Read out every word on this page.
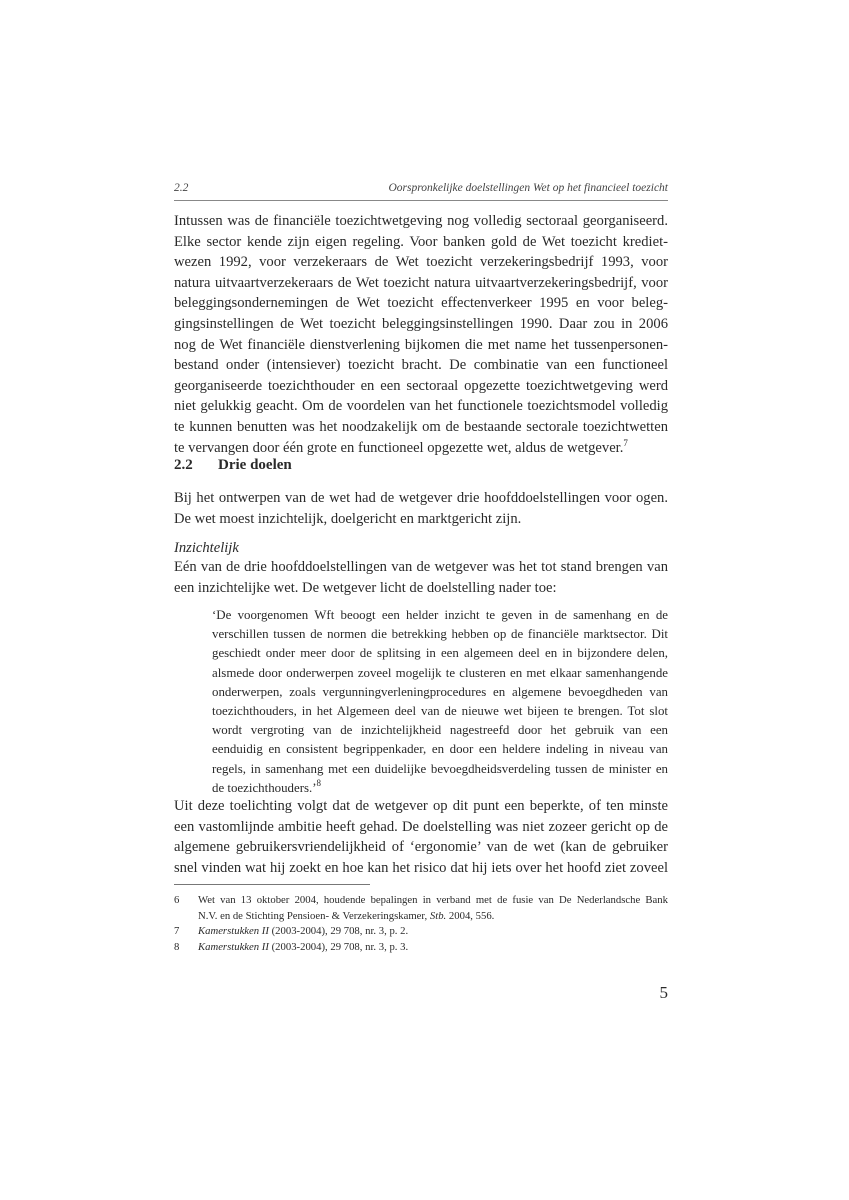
2.2	Oorspronkelijke doelstellingen Wet op het financieel toezicht
Intussen was de financiële toezichtwetgeving nog volledig sectoraal georganiseerd.
Elke sector kende zijn eigen regeling. Voor banken gold de Wet toezicht krediet-
wezen 1992, voor verzekeraars de Wet toezicht verzekeringsbedrijf 1993, voor
natura uitvaartverzekeraars de Wet toezicht natura uitvaartverzekeringsbedrijf, voor
beleggingsondernemingen de Wet toezicht effectenverkeer 1995 en voor beleg-
gingsinstellingen de Wet toezicht beleggingsinstellingen 1990. Daar zou in 2006
nog de Wet financiële dienstverlening bijkomen die met name het tussenpersonen-
bestand onder (intensiever) toezicht bracht. De combinatie van een functioneel
georganiseerde toezichthouder en een sectoraal opgezette toezichtwetgeving werd
niet gelukkig geacht. Om de voordelen van het functionele toezichtsmodel volledig
te kunnen benutten was het noodzakelijk om de bestaande sectorale toezichtwetten
te vervangen door één grote en functioneel opgezette wet, aldus de wetgever.$^7$
2.2 Drie doelen
Bij het ontwerpen van de wet had de wetgever drie hoofddoelstellingen voor ogen.
De wet moest inzichtelijk, doelgericht en marktgericht zijn.
Inzichtelijk
Eén van de drie hoofddoelstellingen van de wetgever was het tot stand brengen van
een inzichtelijke wet. De wetgever licht de doelstelling nader toe:
‘De voorgenomen Wft beoogt een helder inzicht te geven in de samenhang en de
verschillen tussen de normen die betrekking hebben op de financiële marktsector. Dit
geschiedt onder meer door de splitsing in een algemeen deel en in bijzondere delen,
alsmede door onderwerpen zoveel mogelijk te clusteren en met elkaar samenhangende
onderwerpen, zoals vergunningverleningprocedures en algemene bevoegdheden van
toezichthouders, in het Algemeen deel van de nieuwe wet bijeen te brengen. Tot slot
wordt vergroting van de inzichtelijkheid nagestreefd door het gebruik van een
eenduidig en consistent begrippenkader, en door een heldere indeling in niveau van
regels, in samenhang met een duidelijke bevoegdheidsverdeling tussen de minister en
de toezichthouders.’$^8$
Uit deze toelichting volgt dat de wetgever op dit punt een beperkte, of ten minste
een vastomlijnde ambitie heeft gehad. De doelstelling was niet zozeer gericht op de
algemene gebruikersvriendelijkheid of ‘ergonomie’ van de wet (kan de gebruiker
snel vinden wat hij zoekt en hoe kan het risico dat hij iets over het hoofd ziet zoveel
6 Wet van 13 oktober 2004, houdende bepalingen in verband met de fusie van De Nederlandsche Bank
N.V. en de Stichting Pensioen- & Verzekeringskamer, Stb. 2004, 556.
7 Kamerstukken II (2003-2004), 29 708, nr. 3, p. 2.
8 Kamerstukken II (2003-2004), 29 708, nr. 3, p. 3.
5
